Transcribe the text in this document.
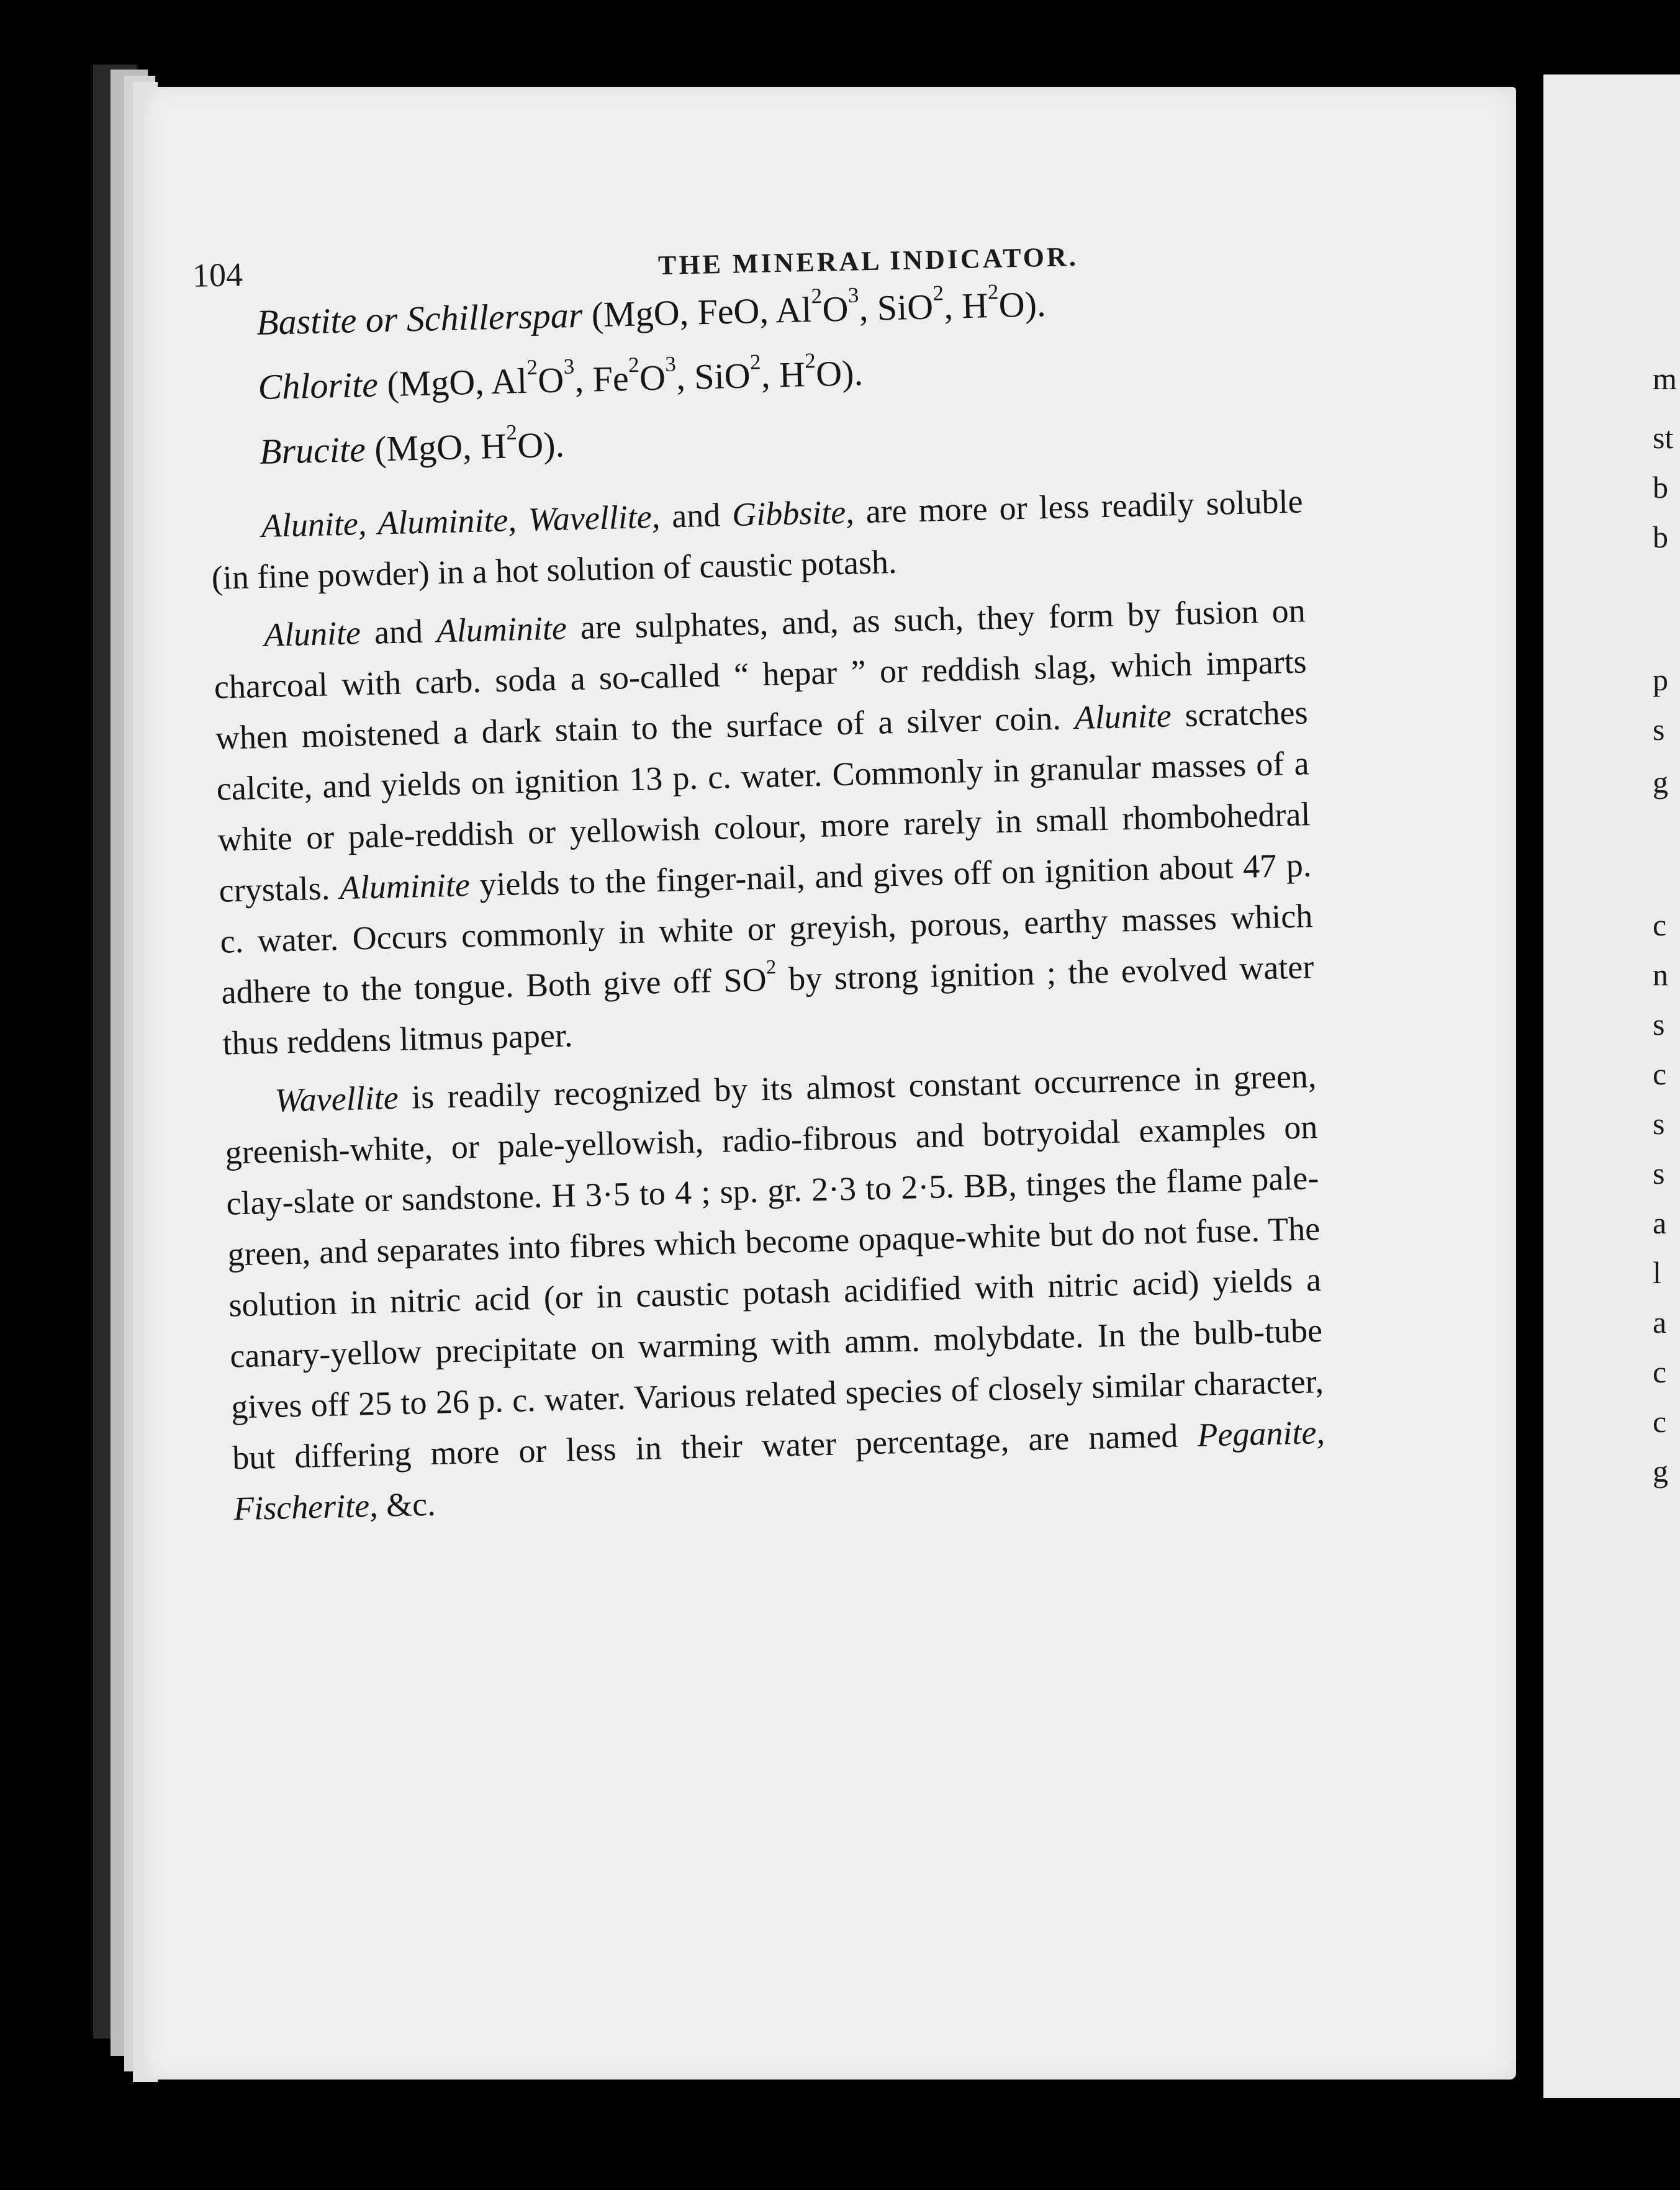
m
st
b
b
p
s
g
c
n
s
c
s
s
a
l
a
c
c
g
104	THE MINERAL INDICATOR.
Bastite or Schillerspar (MgO, FeO, $Al^2O^3$, SiO$^2$, $H^2O$).
Chlorite (MgO, $Al^2O^3$, $Fe^2O^3$, SiO$^2$, $H^2O$).
Brucite (MgO, $H^2O$).

Alunite, Aluminite, Wavellite, and Gibbsite, are more or less readily soluble (in fine powder) in a hot solution of caustic potash.

Alunite and Aluminite are sulphates, and, as such, they form by fusion on charcoal with carb. soda a so-called “ hepar ” or reddish slag, which imparts when moistened a dark stain to the surface of a silver coin. Alunite scratches calcite, and yields on ignition 13 p. c. water. Commonly in granular masses of a white or pale-reddish or yellowish colour, more rarely in small rhombohedral crystals. Aluminite yields to the finger-nail, and gives off on ignition about 47 p. c. water. Occurs commonly in white or greyish, porous, earthy masses which adhere to the tongue. Both give off $SO^2$ by strong ignition ; the evolved water thus reddens litmus paper.

Wavellite is readily recognized by its almost constant occurrence in green, greenish-white, or pale-yellowish, radio-fibrous and botryoidal examples on clay-slate or sandstone. H 3·5 to 4 ; sp. gr. 2·3 to 2·5. BB, tinges the flame pale-green, and separates into fibres which become opaque-white but do not fuse. The solution in nitric acid (or in caustic potash acidified with nitric acid) yields a canary-yellow precipitate on warming with amm. molybdate. In the bulb-tube gives off 25 to 26 p. c. water. Various related species of closely similar character, but differing more or less in their water percentage, are named Peganite, Fischerite, &c.
